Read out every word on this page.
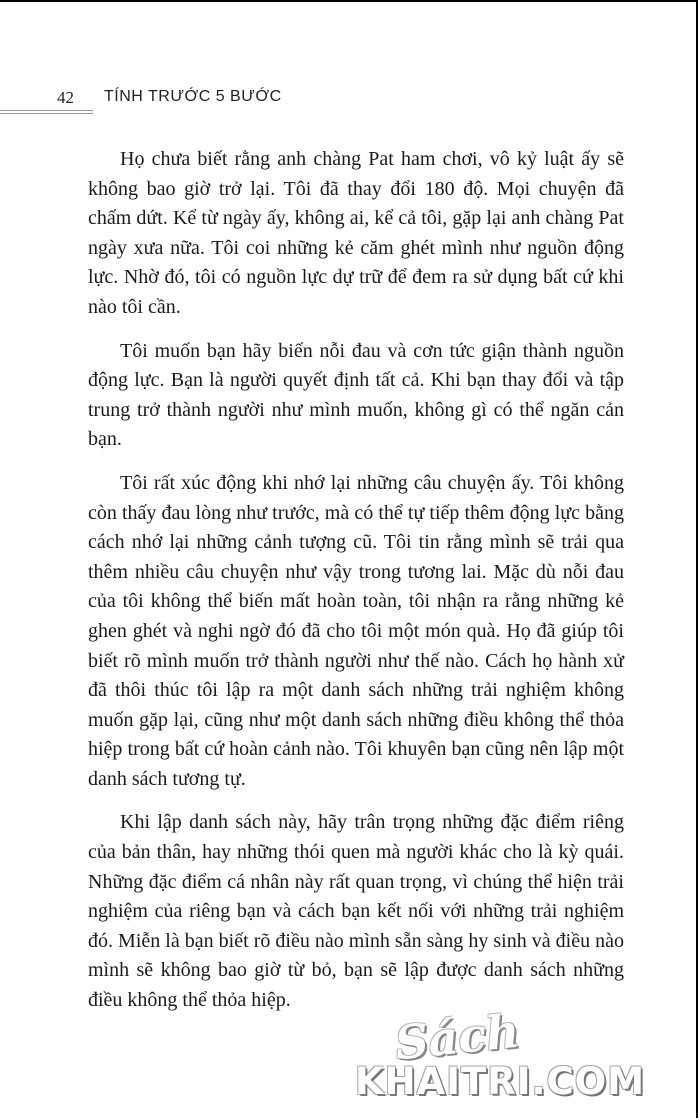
42 TÍNH TRƯỚC 5 BƯỚC

Họ chưa biết rằng anh chàng Pat ham chơi, vô kỷ luật ấy sẽ không bao giờ trở lại. Tôi đã thay đổi 180 độ. Mọi chuyện đã chấm dứt. Kể từ ngày ấy, không ai, kể cả tôi, gặp lại anh chàng Pat ngày xưa nữa. Tôi coi những kẻ căm ghét mình như nguồn động lực. Nhờ đó, tôi có nguồn lực dự trữ để đem ra sử dụng bất cứ khi nào tôi cần.

Tôi muốn bạn hãy biến nỗi đau và cơn tức giận thành nguồn động lực. Bạn là người quyết định tất cả. Khi bạn thay đổi và tập trung trở thành người như mình muốn, không gì có thể ngăn cản bạn.

Tôi rất xúc động khi nhớ lại những câu chuyện ấy. Tôi không còn thấy đau lòng như trước, mà có thể tự tiếp thêm động lực bằng cách nhớ lại những cảnh tượng cũ. Tôi tin rằng mình sẽ trải qua thêm nhiều câu chuyện như vậy trong tương lai. Mặc dù nỗi đau của tôi không thể biến mất hoàn toàn, tôi nhận ra rằng những kẻ ghen ghét và nghi ngờ đó đã cho tôi một món quà. Họ đã giúp tôi biết rõ mình muốn trở thành người như thế nào. Cách họ hành xử đã thôi thúc tôi lập ra một danh sách những trải nghiệm không muốn gặp lại, cũng như một danh sách những điều không thể thỏa hiệp trong bất cứ hoàn cảnh nào. Tôi khuyên bạn cũng nên lập một danh sách tương tự.

Khi lập danh sách này, hãy trân trọng những đặc điểm riêng của bản thân, hay những thói quen mà người khác cho là kỳ quái. Những đặc điểm cá nhân này rất quan trọng, vì chúng thể hiện trải nghiệm của riêng bạn và cách bạn kết nối với những trải nghiệm đó. Miễn là bạn biết rõ điều nào mình sẵn sàng hy sinh và điều nào mình sẽ không bao giờ từ bỏ, bạn sẽ lập được danh sách những điều không thể thỏa hiệp.

Sách
KHAITRI.COM
